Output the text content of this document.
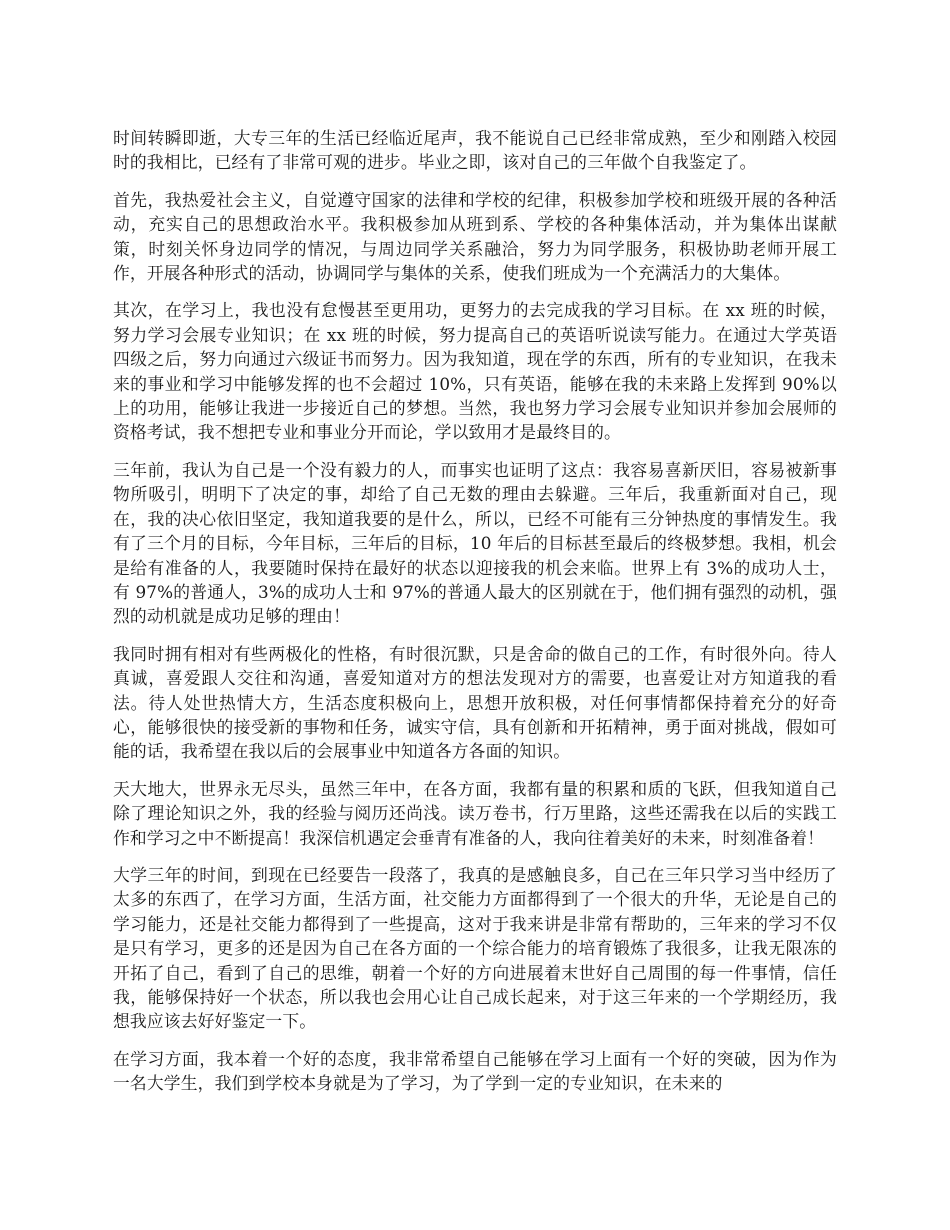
时间转瞬即逝，大专三年的生活已经临近尾声，我不能说自己已经非常成熟，至少和刚踏入校园时的我相比，已经有了非常可观的进步。毕业之即，该对自己的三年做个自我鉴定了。

首先，我热爱社会主义，自觉遵守国家的法律和学校的纪律，积极参加学校和班级开展的各种活动，充实自己的思想政治水平。我积极参加从班到系、学校的各种集体活动，并为集体出谋献策，时刻关怀身边同学的情况，与周边同学关系融洽，努力为同学服务，积极协助老师开展工作，开展各种形式的活动，协调同学与集体的关系，使我们班成为一个充满活力的大集体。

其次，在学习上，我也没有怠慢甚至更用功，更努力的去完成我的学习目标。在 xx 班的时候，努力学习会展专业知识；在 xx 班的时候，努力提高自己的英语听说读写能力。在通过大学英语四级之后，努力向通过六级证书而努力。因为我知道，现在学的东西，所有的专业知识，在我未来的事业和学习中能够发挥的也不会超过 10%，只有英语，能够在我的未来路上发挥到 90%以上的功用，能够让我进一步接近自己的梦想。当然，我也努力学习会展专业知识并参加会展师的资格考试，我不想把专业和事业分开而论，学以致用才是最终目的。

三年前，我认为自己是一个没有毅力的人，而事实也证明了这点：我容易喜新厌旧，容易被新事物所吸引，明明下了决定的事，却给了自己无数的理由去躲避。三年后，我重新面对自己，现在，我的决心依旧坚定，我知道我要的是什么，所以，已经不可能有三分钟热度的事情发生。我有了三个月的目标，今年目标，三年后的目标，10 年后的目标甚至最后的终极梦想。我相，机会是给有准备的人，我要随时保持在最好的状态以迎接我的机会来临。世界上有 3%的成功人士，有 97%的普通人，3%的成功人士和 97%的普通人最大的区别就在于，他们拥有强烈的动机，强烈的动机就是成功足够的理由！

我同时拥有相对有些两极化的性格，有时很沉默，只是舍命的做自己的工作，有时很外向。待人真诚，喜爱跟人交往和沟通，喜爱知道对方的想法发现对方的需要，也喜爱让对方知道我的看法。待人处世热情大方，生活态度积极向上，思想开放积极，对任何事情都保持着充分的好奇心，能够很快的接受新的事物和任务，诚实守信，具有创新和开拓精神，勇于面对挑战，假如可能的话，我希望在我以后的会展事业中知道各方各面的知识。

天大地大，世界永无尽头，虽然三年中，在各方面，我都有量的积累和质的飞跃，但我知道自己除了理论知识之外，我的经验与阅历还尚浅。读万卷书，行万里路，这些还需我在以后的实践工作和学习之中不断提高！我深信机遇定会垂青有准备的人，我向往着美好的未来，时刻准备着！

大学三年的时间，到现在已经要告一段落了，我真的是感触良多，自己在三年只学习当中经历了太多的东西了，在学习方面，生活方面，社交能力方面都得到了一个很大的升华，无论是自己的学习能力，还是社交能力都得到了一些提高，这对于我来讲是非常有帮助的，三年来的学习不仅是只有学习，更多的还是因为自己在各方面的一个综合能力的培育锻炼了我很多，让我无限冻的开拓了自己，看到了自己的思维，朝着一个好的方向进展着末世好自己周围的每一件事情，信任我，能够保持好一个状态，所以我也会用心让自己成长起来，对于这三年来的一个学期经历，我想我应该去好好鉴定一下。

在学习方面，我本着一个好的态度，我非常希望自己能够在学习上面有一个好的突破，因为作为一名大学生，我们到学校本身就是为了学习，为了学到一定的专业知识，在未来的
